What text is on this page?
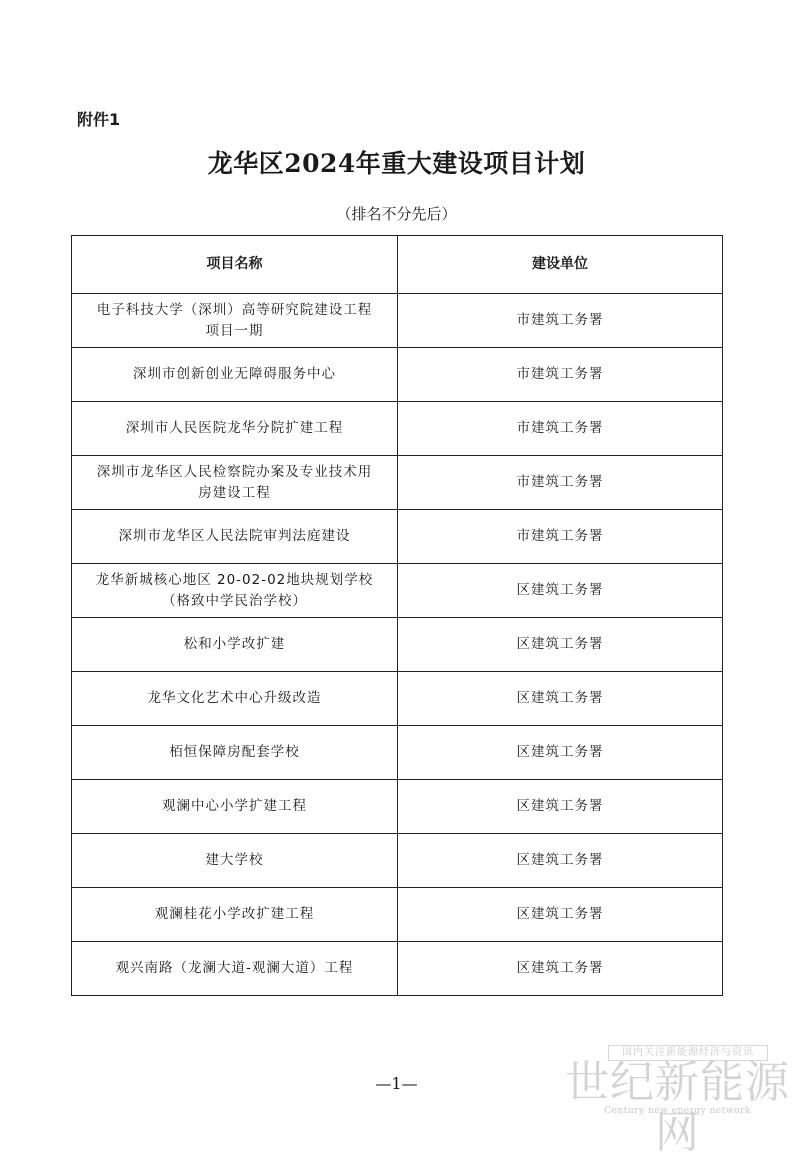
附件1
龙华区2024年重大建设项目计划
（排名不分先后）
项目名称	建设单位

电子科技大学（深圳）高等研究院建设工程
项目一期	市建筑工务署

深圳市创新创业无障碍服务中心	市建筑工务署

深圳市人民医院龙华分院扩建工程	市建筑工务署

深圳市龙华区人民检察院办案及专业技术用
房建设工程	市建筑工务署

深圳市龙华区人民法院审判法庭建设	市建筑工务署

龙华新城核心地区 20-02-02地块规划学校
（格致中学民治学校）	区建筑工务署

松和小学改扩建	区建筑工务署

龙华文化艺术中心升级改造	区建筑工务署

栢恒保障房配套学校	区建筑工务署

观澜中心小学扩建工程	区建筑工务署

建大学校	区建筑工务署

观澜桂花小学改扩建工程	区建筑工务署

观兴南路（龙澜大道-观澜大道）工程	区建筑工务署
—1—
国内关注新能源经济与资讯
世纪新能源网
Century new energy network
